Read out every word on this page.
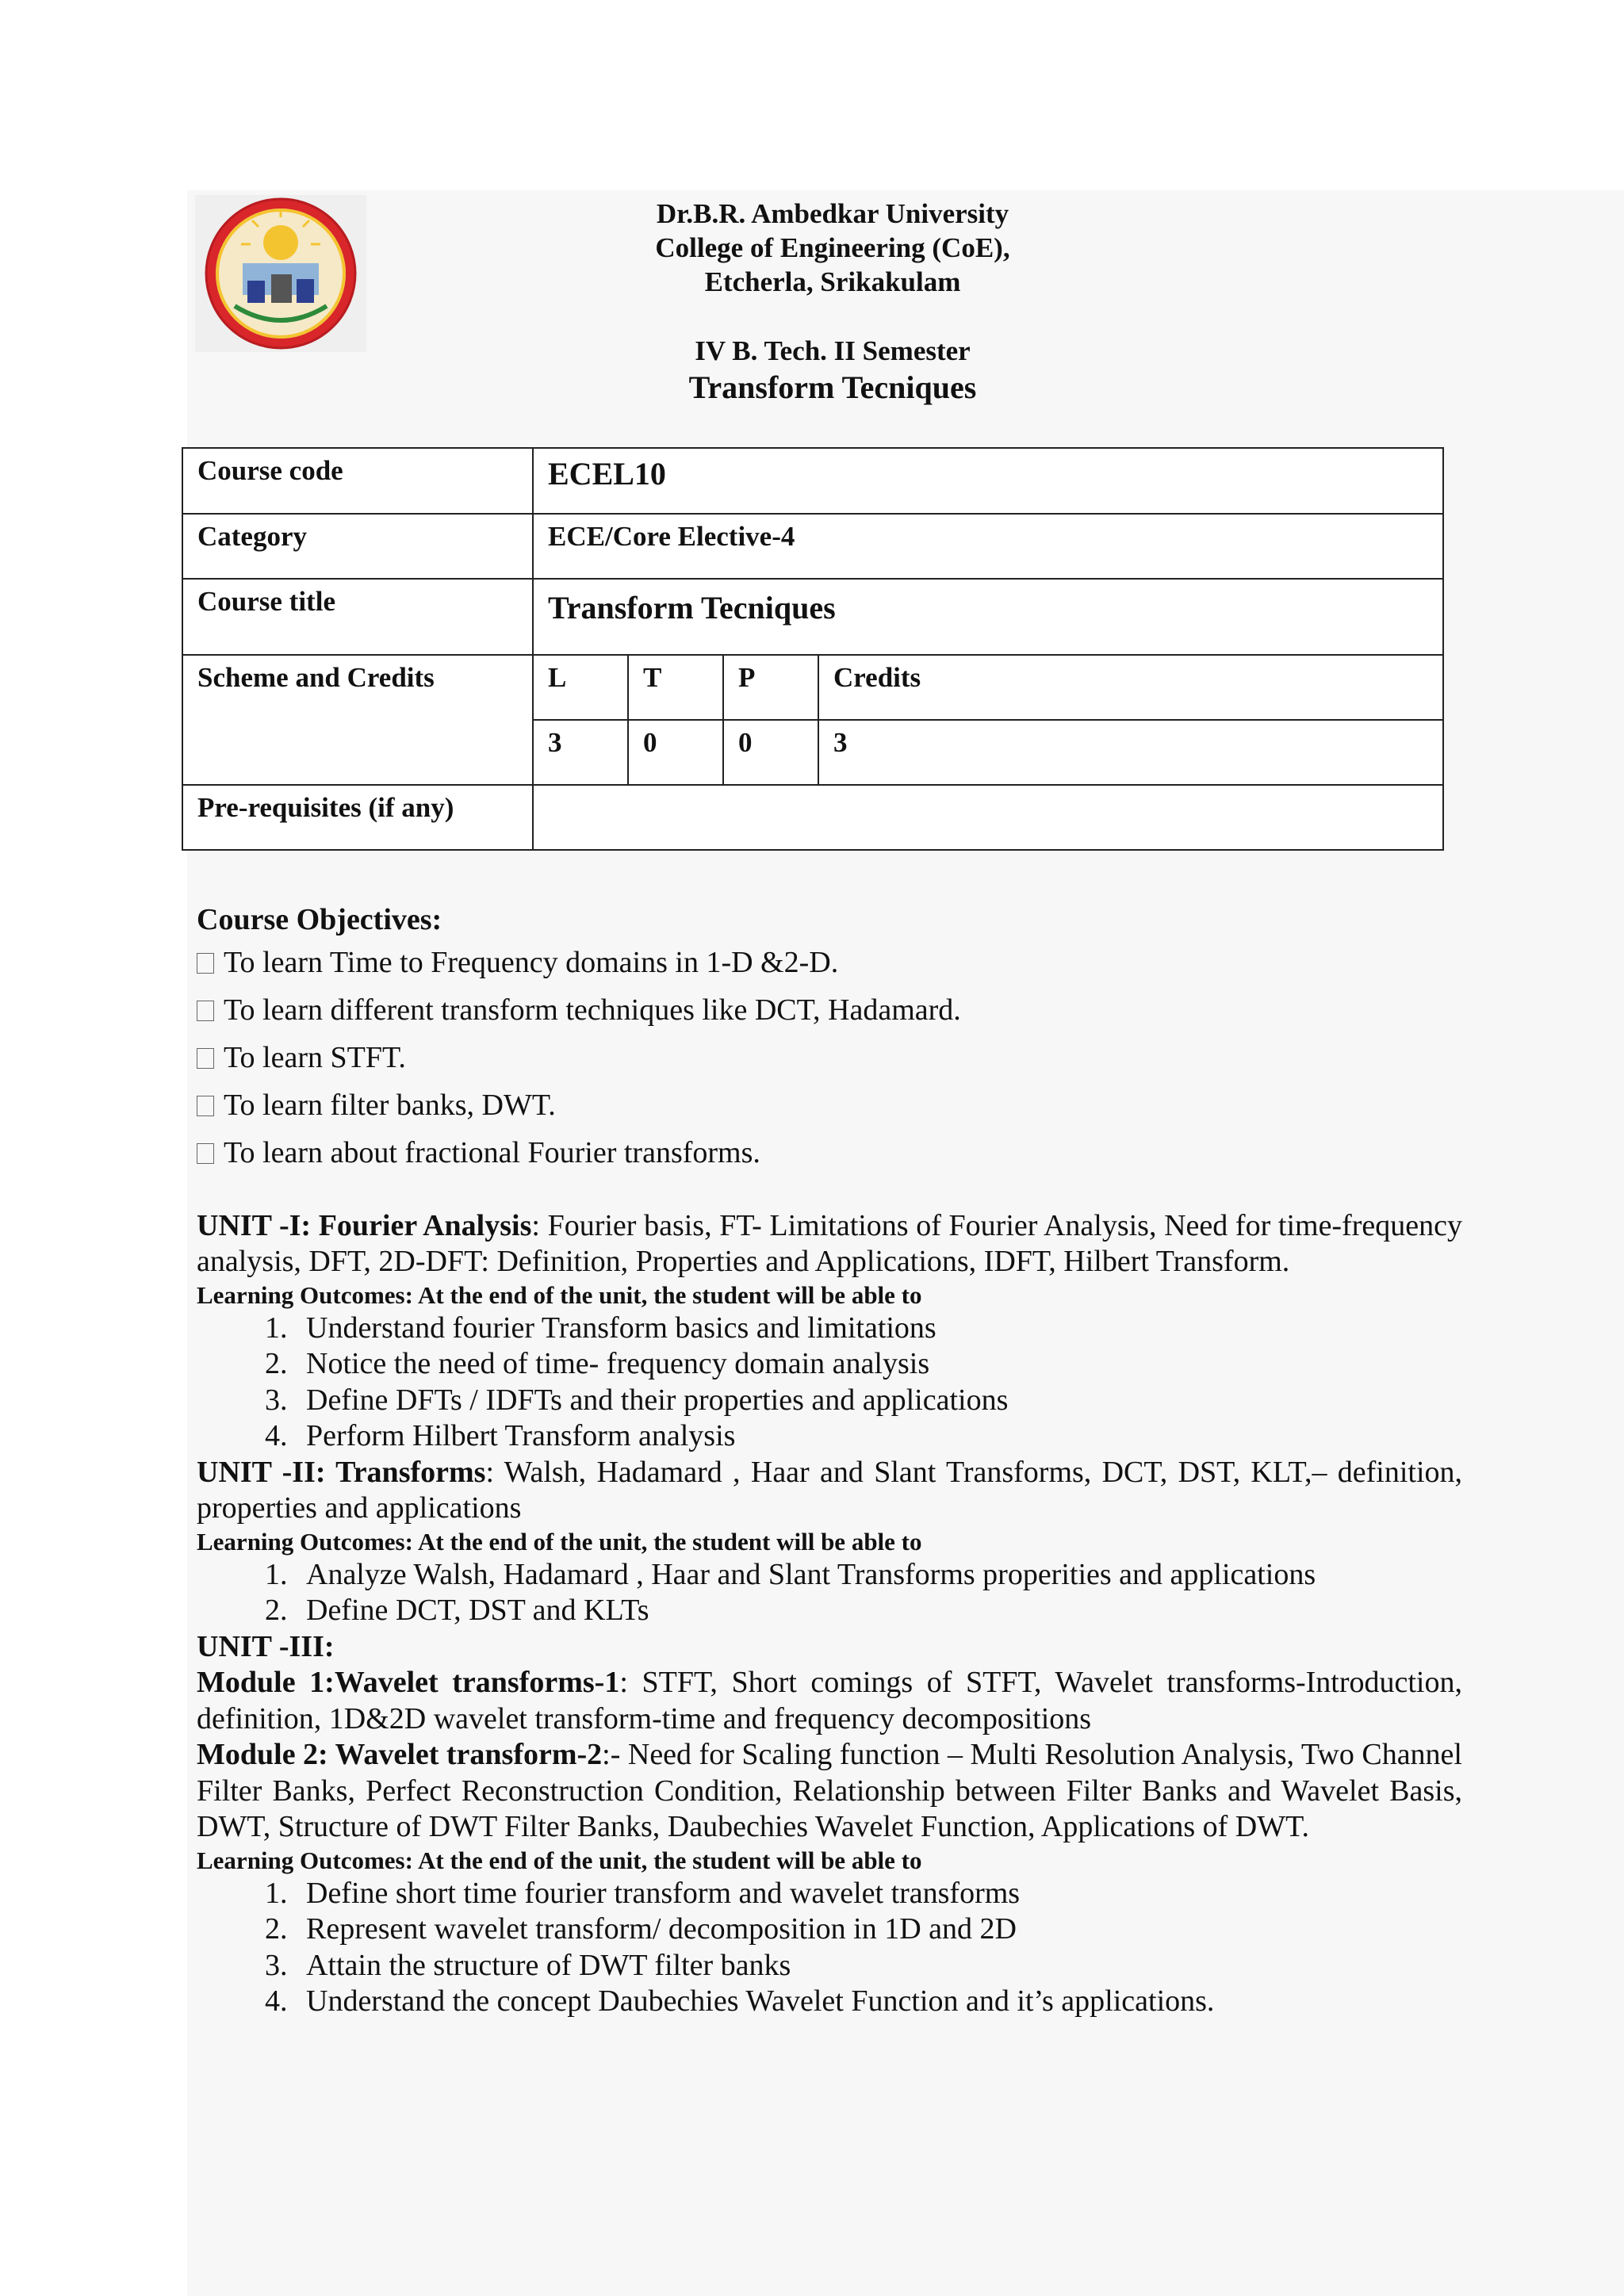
Dr.B.R. Ambedkar University
College of Engineering (CoE),
Etcherla, Srikakulam
IV B. Tech. II Semester
Transform Tecniques
Course code	ECEL10			
Category	ECE/Core Elective-4			
Course title	Transform Tecniques			
Scheme and Credits	L	T	P	Credits
	3	0	0	3
Pre-requisites (if any)				
Course Objectives:
To learn Time to Frequency domains in 1-D &2-D.
To learn different transform techniques like DCT, Hadamard.
To learn STFT.
To learn filter banks, DWT.
To learn about fractional Fourier transforms.
UNIT -I: Fourier Analysis: Fourier basis, FT- Limitations of Fourier Analysis, Need for time-frequency analysis, DFT, 2D-DFT: Definition, Properties and Applications, IDFT, Hilbert Transform.
Learning Outcomes: At the end of the unit, the student will be able to
1. Understand fourier Transform basics and limitations
2. Notice the need of time- frequency domain analysis
3. Define DFTs / IDFTs and their properties and applications
4. Perform Hilbert Transform analysis
UNIT -II: Transforms: Walsh, Hadamard , Haar and Slant Transforms, DCT, DST, KLT,– definition, properties and applications
Learning Outcomes: At the end of the unit, the student will be able to
1. Analyze Walsh, Hadamard , Haar and Slant Transforms properities and applications
2. Define DCT, DST and KLTs
UNIT -III:
Module 1:Wavelet transforms-1: STFT, Short comings of STFT, Wavelet transforms-Introduction, definition, 1D&2D wavelet transform-time and frequency decompositions
Module 2: Wavelet transform-2:- Need for Scaling function – Multi Resolution Analysis, Two Channel Filter Banks, Perfect Reconstruction Condition, Relationship between Filter Banks and Wavelet Basis, DWT, Structure of DWT Filter Banks, Daubechies Wavelet Function, Applications of DWT.
Learning Outcomes: At the end of the unit, the student will be able to
1. Define short time fourier transform and wavelet transforms
2. Represent wavelet transform/ decomposition in 1D and 2D
3. Attain the structure of DWT filter banks
4. Understand the concept Daubechies Wavelet Function and it’s applications.
